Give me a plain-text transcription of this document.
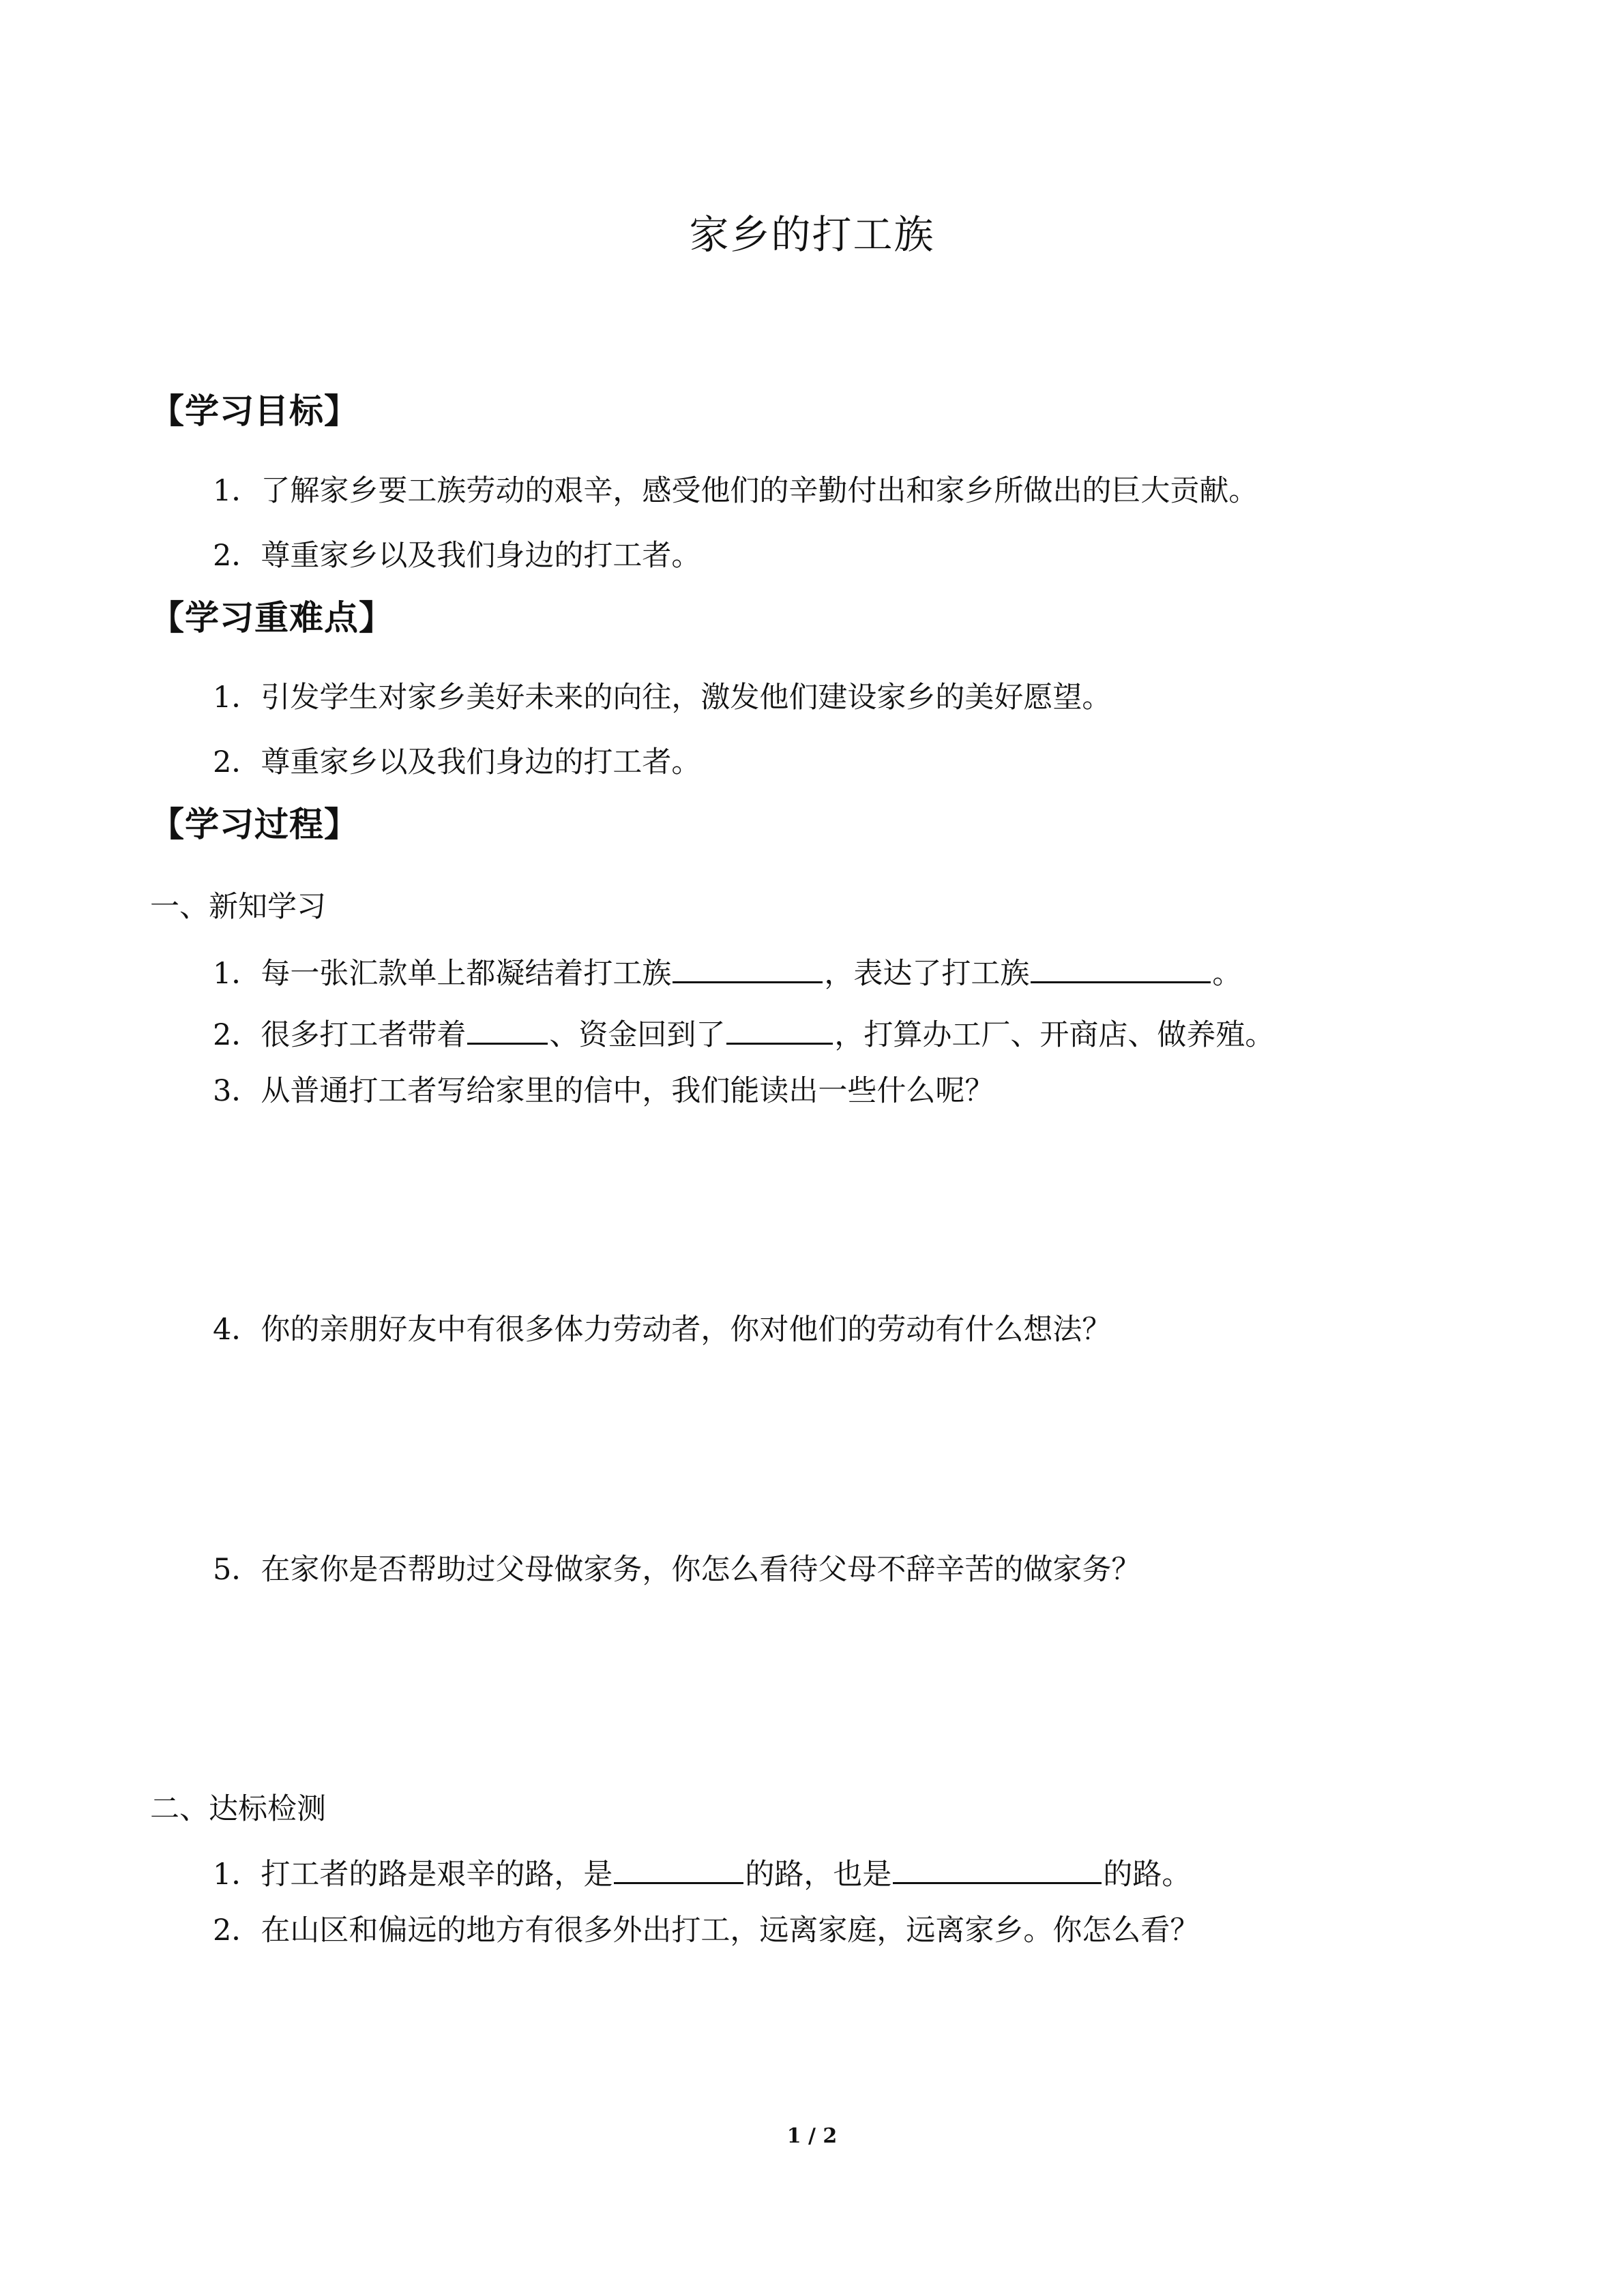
家乡的打工族
【学习目标】
1．了解家乡要工族劳动的艰辛，感受他们的辛勤付出和家乡所做出的巨大贡献。
2．尊重家乡以及我们身边的打工者。
【学习重难点】
1．引发学生对家乡美好未来的向往，激发他们建设家乡的美好愿望。
2．尊重家乡以及我们身边的打工者。
【学习过程】
一、新知学习
1．每一张汇款单上都凝结着打工族	，表达了打工族	。
2．很多打工者带着	、资金回到了	，打算办工厂、开商店、做养殖。
3．从普通打工者写给家里的信中，我们能读出一些什么呢？
4．你的亲朋好友中有很多体力劳动者，你对他们的劳动有什么想法？
5．在家你是否帮助过父母做家务，你怎么看待父母不辞辛苦的做家务？
二、达标检测
1．打工者的路是艰辛的路，是	的路，也是	的路。
2．在山区和偏远的地方有很多外出打工，远离家庭，远离家乡。你怎么看？
1 / 2
